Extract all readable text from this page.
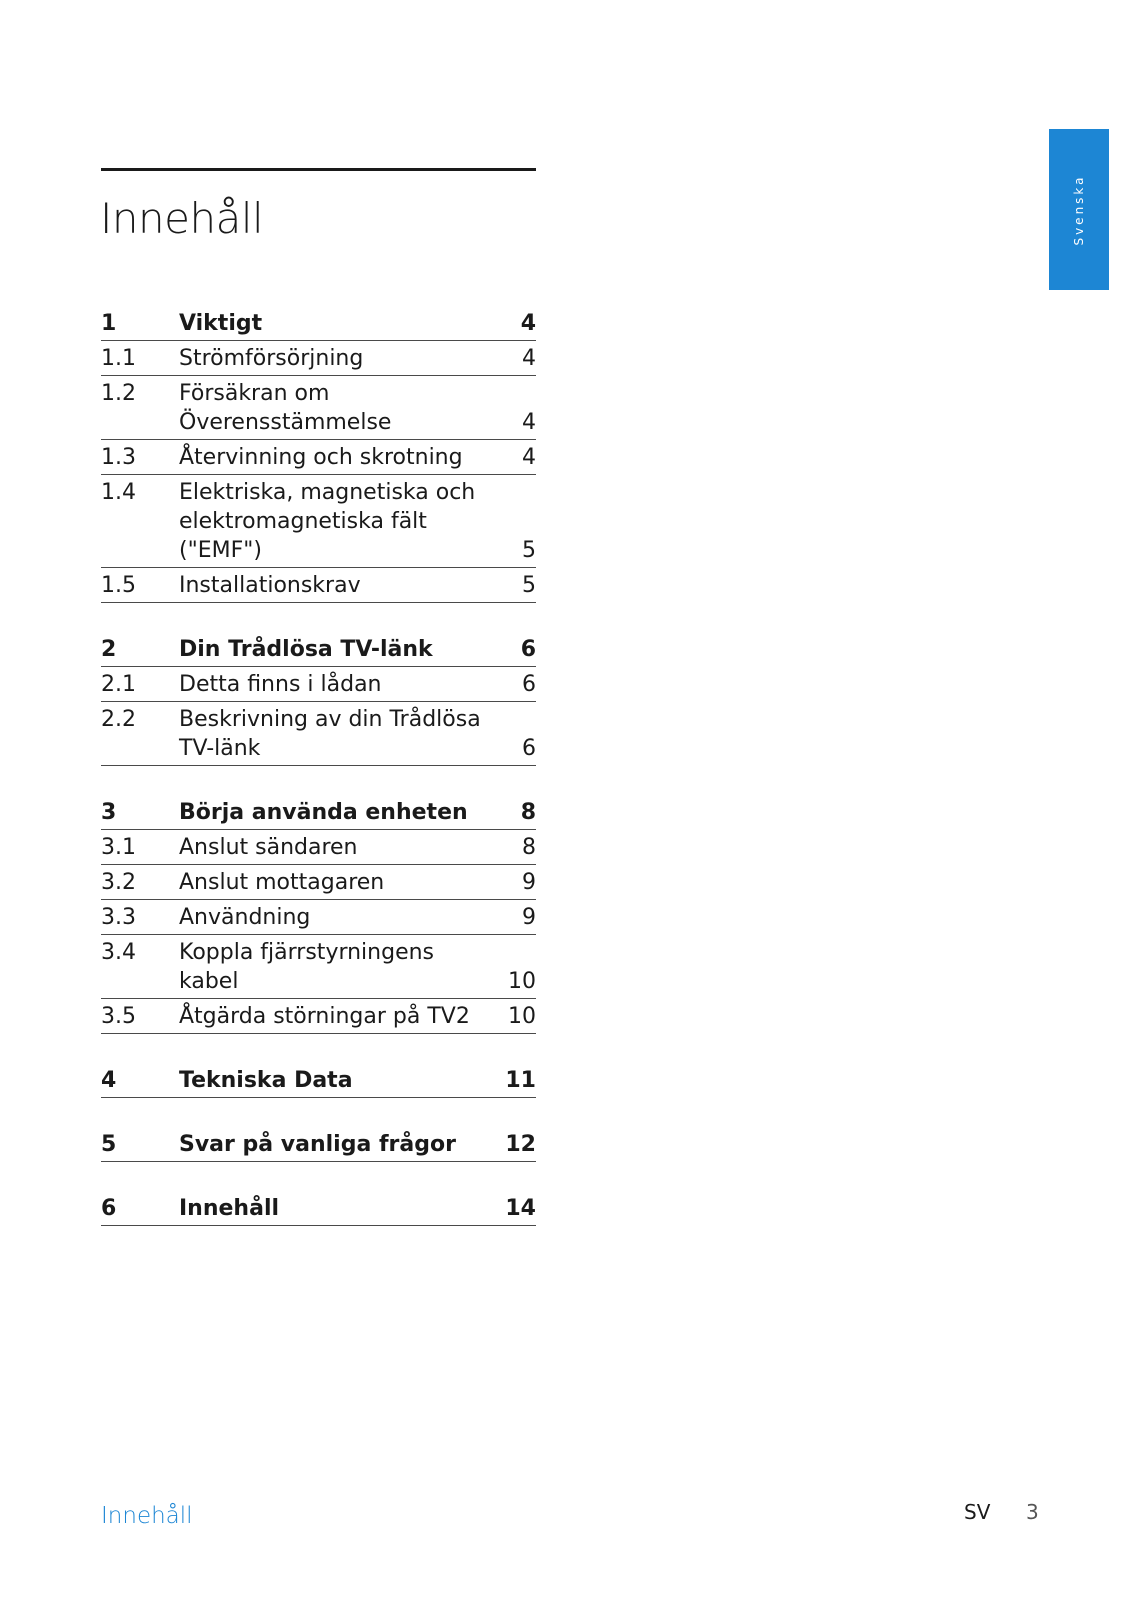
Innehåll	Svenska
1	Viktigt	4
1.1	Strömförsörjning	4
1.2	Försäkran om Överensstämmelse	4
1.3	Återvinning och skrotning	4
1.4	Elektriska, magnetiska och elektromagnetiska fält ("EMF")	5
1.5	Installationskrav	5
2	Din Trådlösa TV-länk	6
2.1	Detta finns i lådan	6
2.2	Beskrivning av din Trådlösa TV-länk	6
3	Börja använda enheten	8
3.1	Anslut sändaren	8
3.2	Anslut mottagaren	9
3.3	Användning	9
3.4	Koppla fjärrstyrningens kabel	10
3.5	Åtgärda störningar på TV2	10
4	Tekniska Data	11
5	Svar på vanliga frågor	12
6	Innehåll	14
Innehåll	SV 3
